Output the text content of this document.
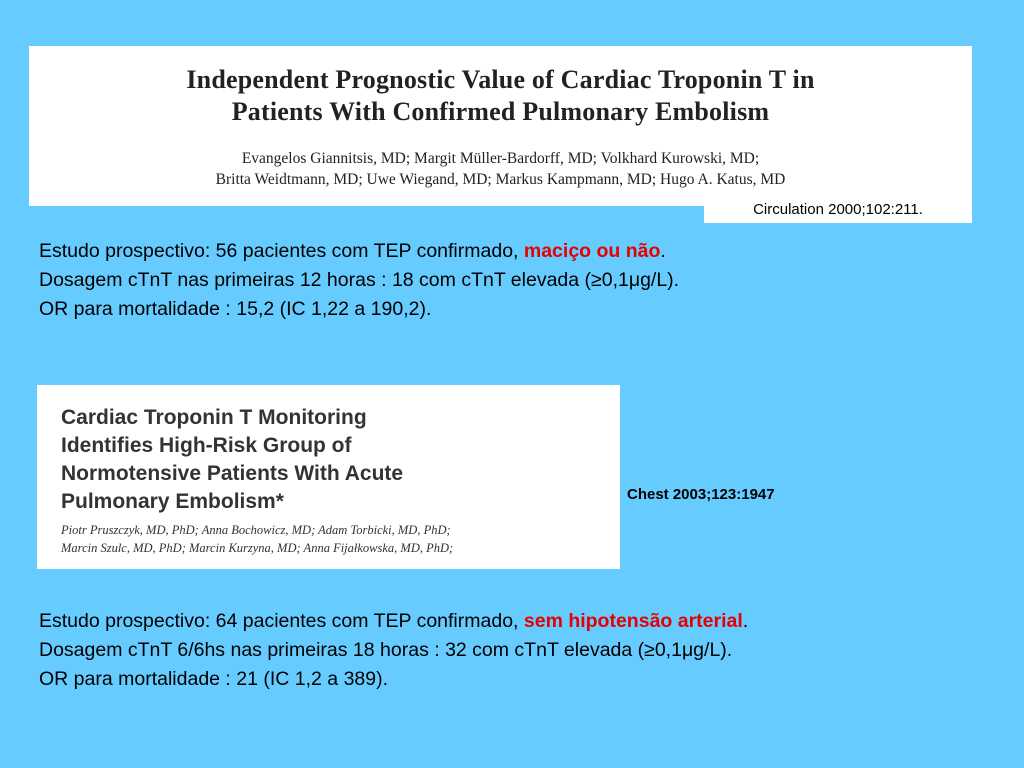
Independent Prognostic Value of Cardiac Troponin T in
Patients With Confirmed Pulmonary Embolism
Evangelos Giannitsis, MD; Margit Müller-Bardorff, MD; Volkhard Kurowski, MD;
Britta Weidtmann, MD; Uwe Wiegand, MD; Markus Kampmann, MD; Hugo A. Katus, MD
Circulation 2000;102:211.
Estudo prospectivo: 56 pacientes com TEP confirmado, maciço ou não.
Dosagem cTnT nas primeiras 12 horas : 18 com cTnT elevada (≥0,1μg/L).
OR para mortalidade : 15,2 (IC 1,22 a 190,2).
Cardiac Troponin T Monitoring
Identifies High-Risk Group of
Normotensive Patients With Acute
Pulmonary Embolism*
Piotr Pruszczyk, MD, PhD; Anna Bochowicz, MD; Adam Torbicki, MD, PhD;
Marcin Szulc, MD, PhD; Marcin Kurzyna, MD; Anna Fijałkowska, MD, PhD;
Chest 2003;123:1947
Estudo prospectivo: 64 pacientes com TEP confirmado, sem hipotensão arterial.
Dosagem cTnT 6/6hs nas primeiras 18 horas : 32 com cTnT elevada (≥0,1μg/L).
OR para mortalidade : 21 (IC 1,2 a 389).
